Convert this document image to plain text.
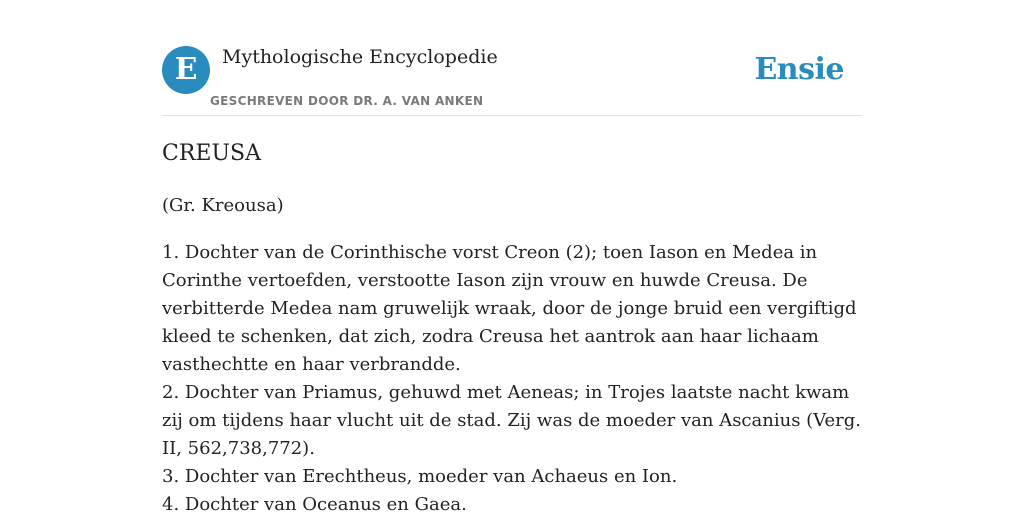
E	Mythologische Encyclopedie
GESCHREVEN DOOR DR. A. VAN ANKEN
Ensie
CREUSA
(Gr. Kreousa)

1. Dochter van de Corinthische vorst Creon (2); toen Iason en Medea in Corinthe vertoefden, verstootte Iason zijn vrouw en huwde Creusa. De verbitterde Medea nam gruwelijk wraak, door de jonge bruid een vergiftigd kleed te schenken, dat zich, zodra Creusa het aantrok aan haar lichaam vasthechtte en haar verbrandde.

2. Dochter van Priamus, gehuwd met Aeneas; in Trojes laatste nacht kwam zij om tijdens haar vlucht uit de stad. Zij was de moeder van Ascanius (Verg. II, 562,738,772).

3. Dochter van Erechtheus, moeder van Achaeus en Ion.

4. Dochter van Oceanus en Gaea.
